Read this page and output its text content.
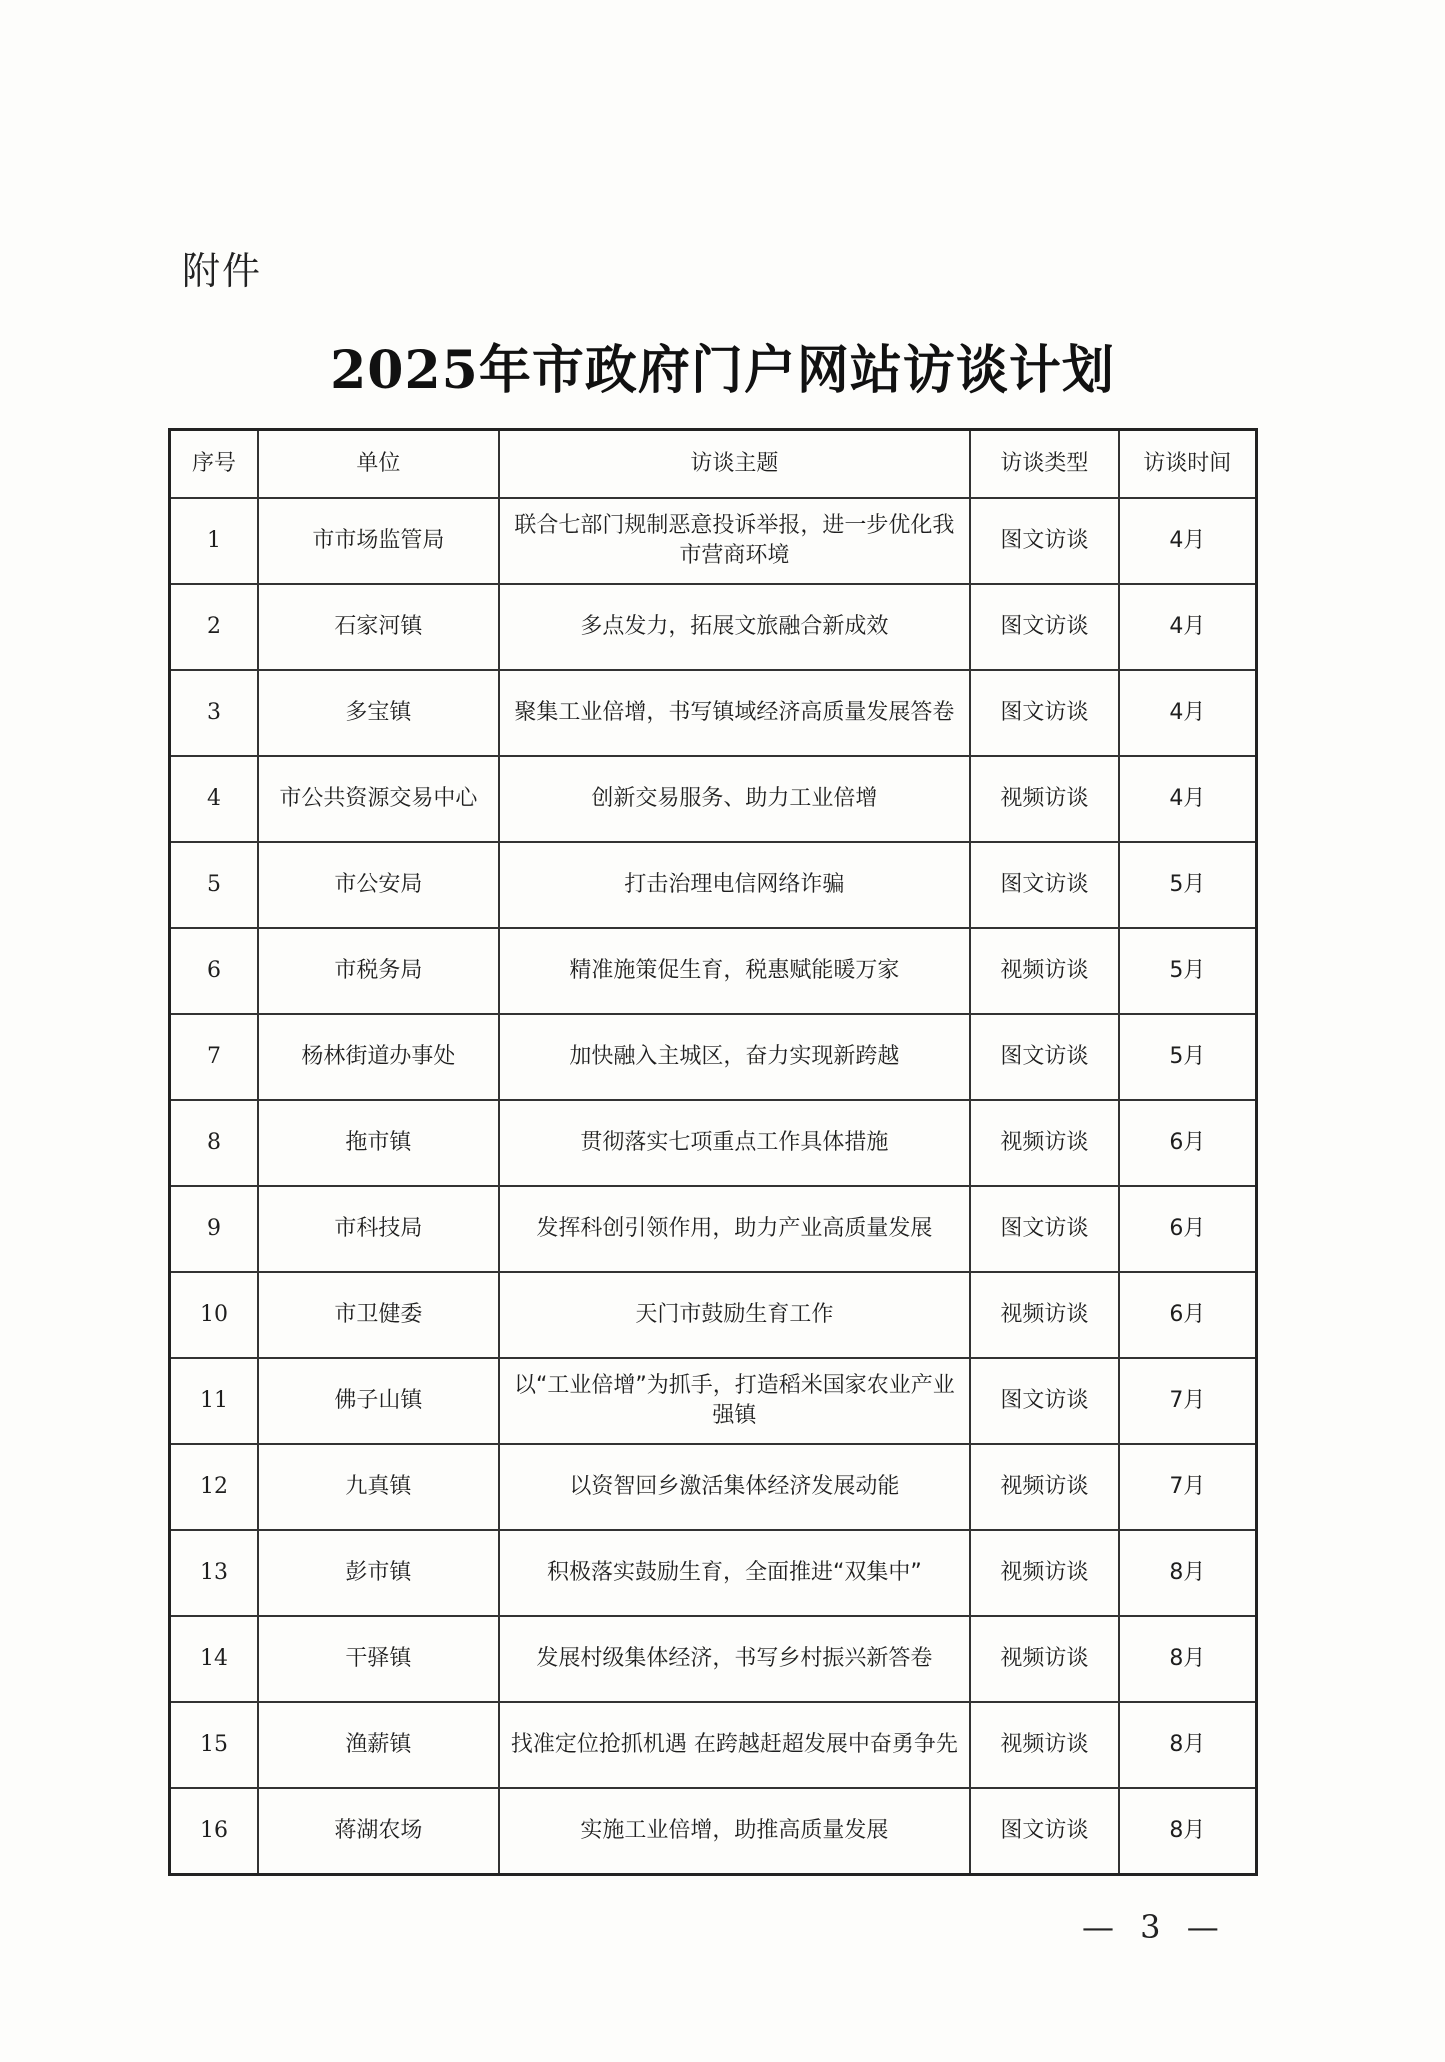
附件
2025年市政府门户网站访谈计划
序号	单位	访谈主题	访谈类型	访谈时间
1	市市场监管局	联合七部门规制恶意投诉举报，进一步优化我市营商环境	图文访谈	4月
2	石家河镇	多点发力，拓展文旅融合新成效	图文访谈	4月
3	多宝镇	聚集工业倍增，书写镇域经济高质量发展答卷	图文访谈	4月
4	市公共资源交易中心	创新交易服务、助力工业倍增	视频访谈	4月
5	市公安局	打击治理电信网络诈骗	图文访谈	5月
6	市税务局	精准施策促生育，税惠赋能暖万家	视频访谈	5月
7	杨林街道办事处	加快融入主城区，奋力实现新跨越	图文访谈	5月
8	拖市镇	贯彻落实七项重点工作具体措施	视频访谈	6月
9	市科技局	发挥科创引领作用，助力产业高质量发展	图文访谈	6月
10	市卫健委	天门市鼓励生育工作	视频访谈	6月
11	佛子山镇	以“工业倍增”为抓手，打造稻米国家农业产业强镇	图文访谈	7月
12	九真镇	以资智回乡激活集体经济发展动能	视频访谈	7月
13	彭市镇	积极落实鼓励生育，全面推进“双集中”	视频访谈	8月
14	干驿镇	发展村级集体经济，书写乡村振兴新答卷	视频访谈	8月
15	渔薪镇	找准定位抢抓机遇 在跨越赶超发展中奋勇争先	视频访谈	8月
16	蒋湖农场	实施工业倍增，助推高质量发展	图文访谈	8月
— 3 —
